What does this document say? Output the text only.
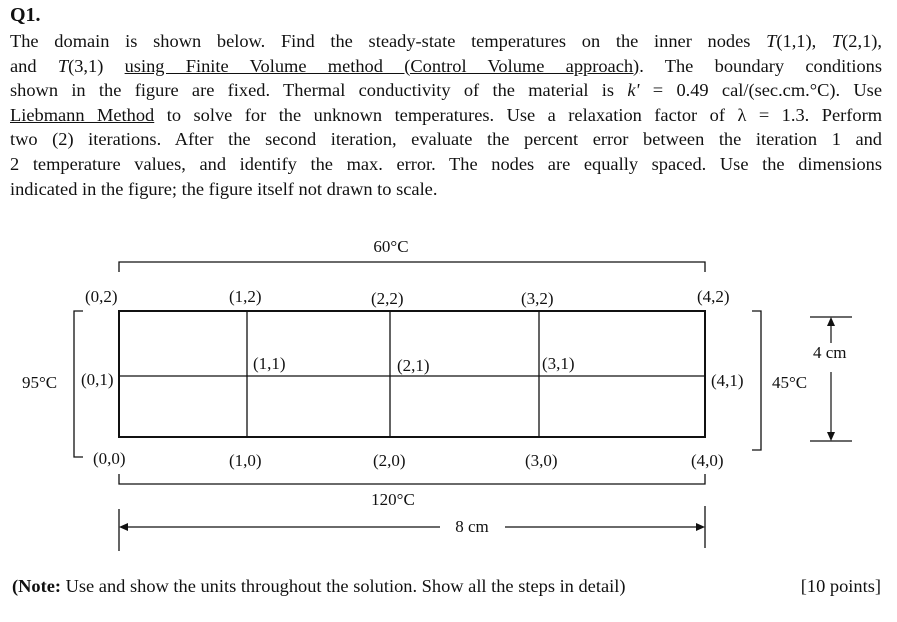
Q1.
The domain is shown below. Find the steady-state temperatures on the inner nodes T(1,1), T(2,1),
and T(3,1) using Finite Volume method (Control Volume approach). The boundary conditions
shown in the figure are fixed. Thermal conductivity of the material is k' = 0.49 cal/(sec.cm.°C). Use
Liebmann Method to solve for the unknown temperatures. Use a relaxation factor of λ = 1.3. Perform
two (2) iterations. After the second iteration, evaluate the percent error between the iteration 1 and
2 temperature values, and identify the max. error. The nodes are equally spaced. Use the dimensions
indicated in the figure; the figure itself not drawn to scale.
60°C
120°C
95°C	45°C
(0,2)	(1,2)	(2,2)	(3,2)	(4,2)
(0,1)
(1,1)	(2,1)	(3,1)
(4,1)
(0,0)	(1,0)	(2,0)	(3,0)	(4,0)
4 cm
8 cm
(Note: Use and show the units throughout the solution. Show all the steps in detail)	[10 points]
